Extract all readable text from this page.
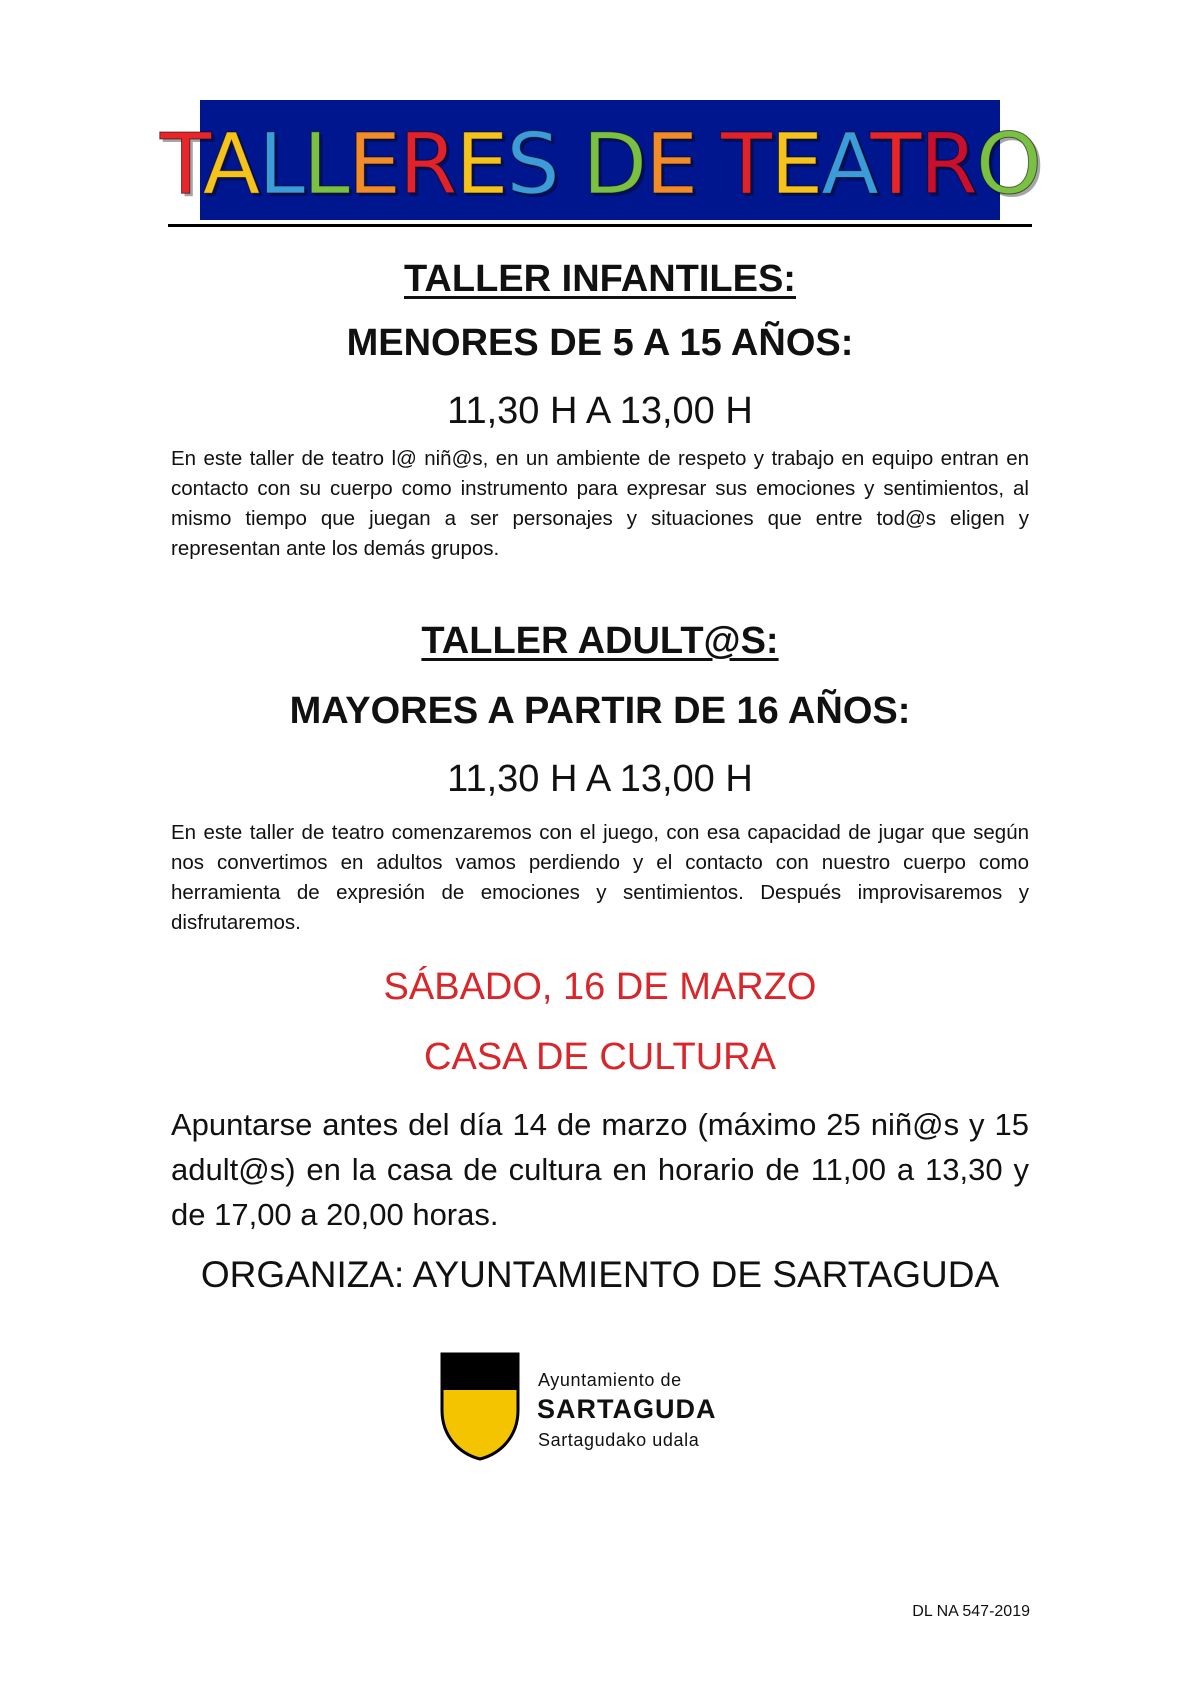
TALLERES DE TEATRO

TALLER INFANTILES:

MENORES DE 5 A 15 AÑOS:

11,30 H A 13,00 H

En este taller de teatro l@ niñ@s, en un ambiente de respeto y trabajo en equipo entran en contacto con su cuerpo como instrumento para expresar sus emociones y sentimientos, al mismo tiempo que juegan a ser personajes y situaciones que entre tod@s eligen y representan ante los demás grupos.

TALLER ADULT@S:

MAYORES A PARTIR DE 16 AÑOS:

11,30 H A 13,00 H

En este taller de teatro comenzaremos con el juego, con esa capacidad de jugar que según nos convertimos en adultos vamos perdiendo y el contacto con nuestro cuerpo como herramienta de expresión de emociones y sentimientos. Después improvisaremos y disfrutaremos.

SÁBADO, 16 DE MARZO

CASA DE CULTURA

Apuntarse antes del día 14 de marzo (máximo 25 niñ@s y 15 adult@s) en la casa de cultura en horario de 11,00 a 13,30 y de 17,00 a 20,00 horas.

ORGANIZA: AYUNTAMIENTO DE SARTAGUDA

Ayuntamiento de
SARTAGUDA
Sartagudako udala

DL NA 547-2019
